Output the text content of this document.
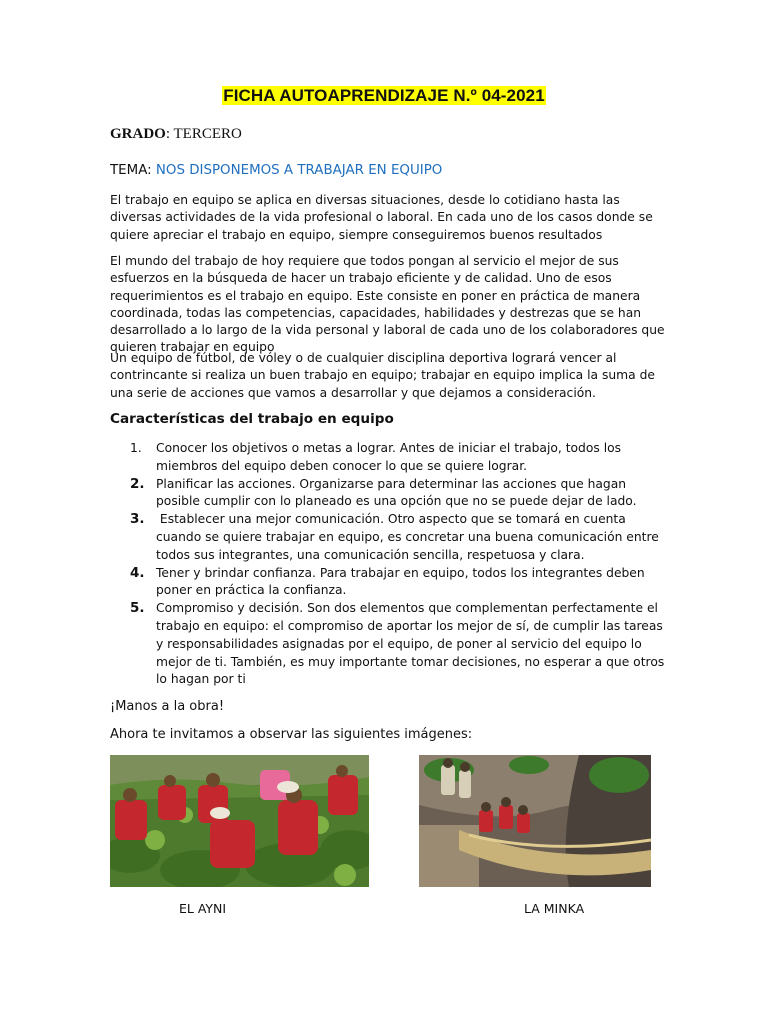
FICHA AUTOAPRENDIZAJE N.º 04-2021
GRADO: TERCERO
TEMA: NOS DISPONEMOS A TRABAJAR EN EQUIPO

El trabajo en equipo se aplica en diversas situaciones, desde lo cotidiano hasta las diversas actividades de la vida profesional o laboral. En cada uno de los casos donde se quiere apreciar el trabajo en equipo, siempre conseguiremos buenos resultados

El mundo del trabajo de hoy requiere que todos pongan al servicio el mejor de sus esfuerzos en la búsqueda de hacer un trabajo eficiente y de calidad. Uno de esos requerimientos es el trabajo en equipo. Este consiste en poner en práctica de manera coordinada, todas las competencias, capacidades, habilidades y destrezas que se han desarrollado a lo largo de la vida personal y laboral de cada uno de los colaboradores que quieren trabajar en equipo

Un equipo de fútbol, de vóley o de cualquier disciplina deportiva logrará vencer al contrincante si realiza un buen trabajo en equipo; trabajar en equipo implica la suma de una serie de acciones que vamos a desarrollar y que dejamos a consideración.

Características del trabajo en equipo
1.	Conocer los objetivos o metas a lograr. Antes de iniciar el trabajo, todos los miembros del equipo deben conocer lo que se quiere lograr.
2. Planificar las acciones. Organizarse para determinar las acciones que hagan posible cumplir con lo planeado es una opción que no se puede dejar de lado.
3. Establecer una mejor comunicación. Otro aspecto que se tomará en cuenta cuando se quiere trabajar en equipo, es concretar una buena comunicación entre todos sus integrantes, una comunicación sencilla, respetuosa y clara.
4. Tener y brindar confianza. Para trabajar en equipo, todos los integrantes deben poner en práctica la confianza.
5. Compromiso y decisión. Son dos elementos que complementan perfectamente el trabajo en equipo: el compromiso de aportar los mejor de sí, de cumplir las tareas y responsabilidades asignadas por el equipo, de poner al servicio del equipo lo mejor de ti. También, es muy importante tomar decisiones, no esperar a que otros lo hagan por ti
¡Manos a la obra!
Ahora te invitamos a observar las siguientes imágenes:
EL AYNI	LA MINKA
